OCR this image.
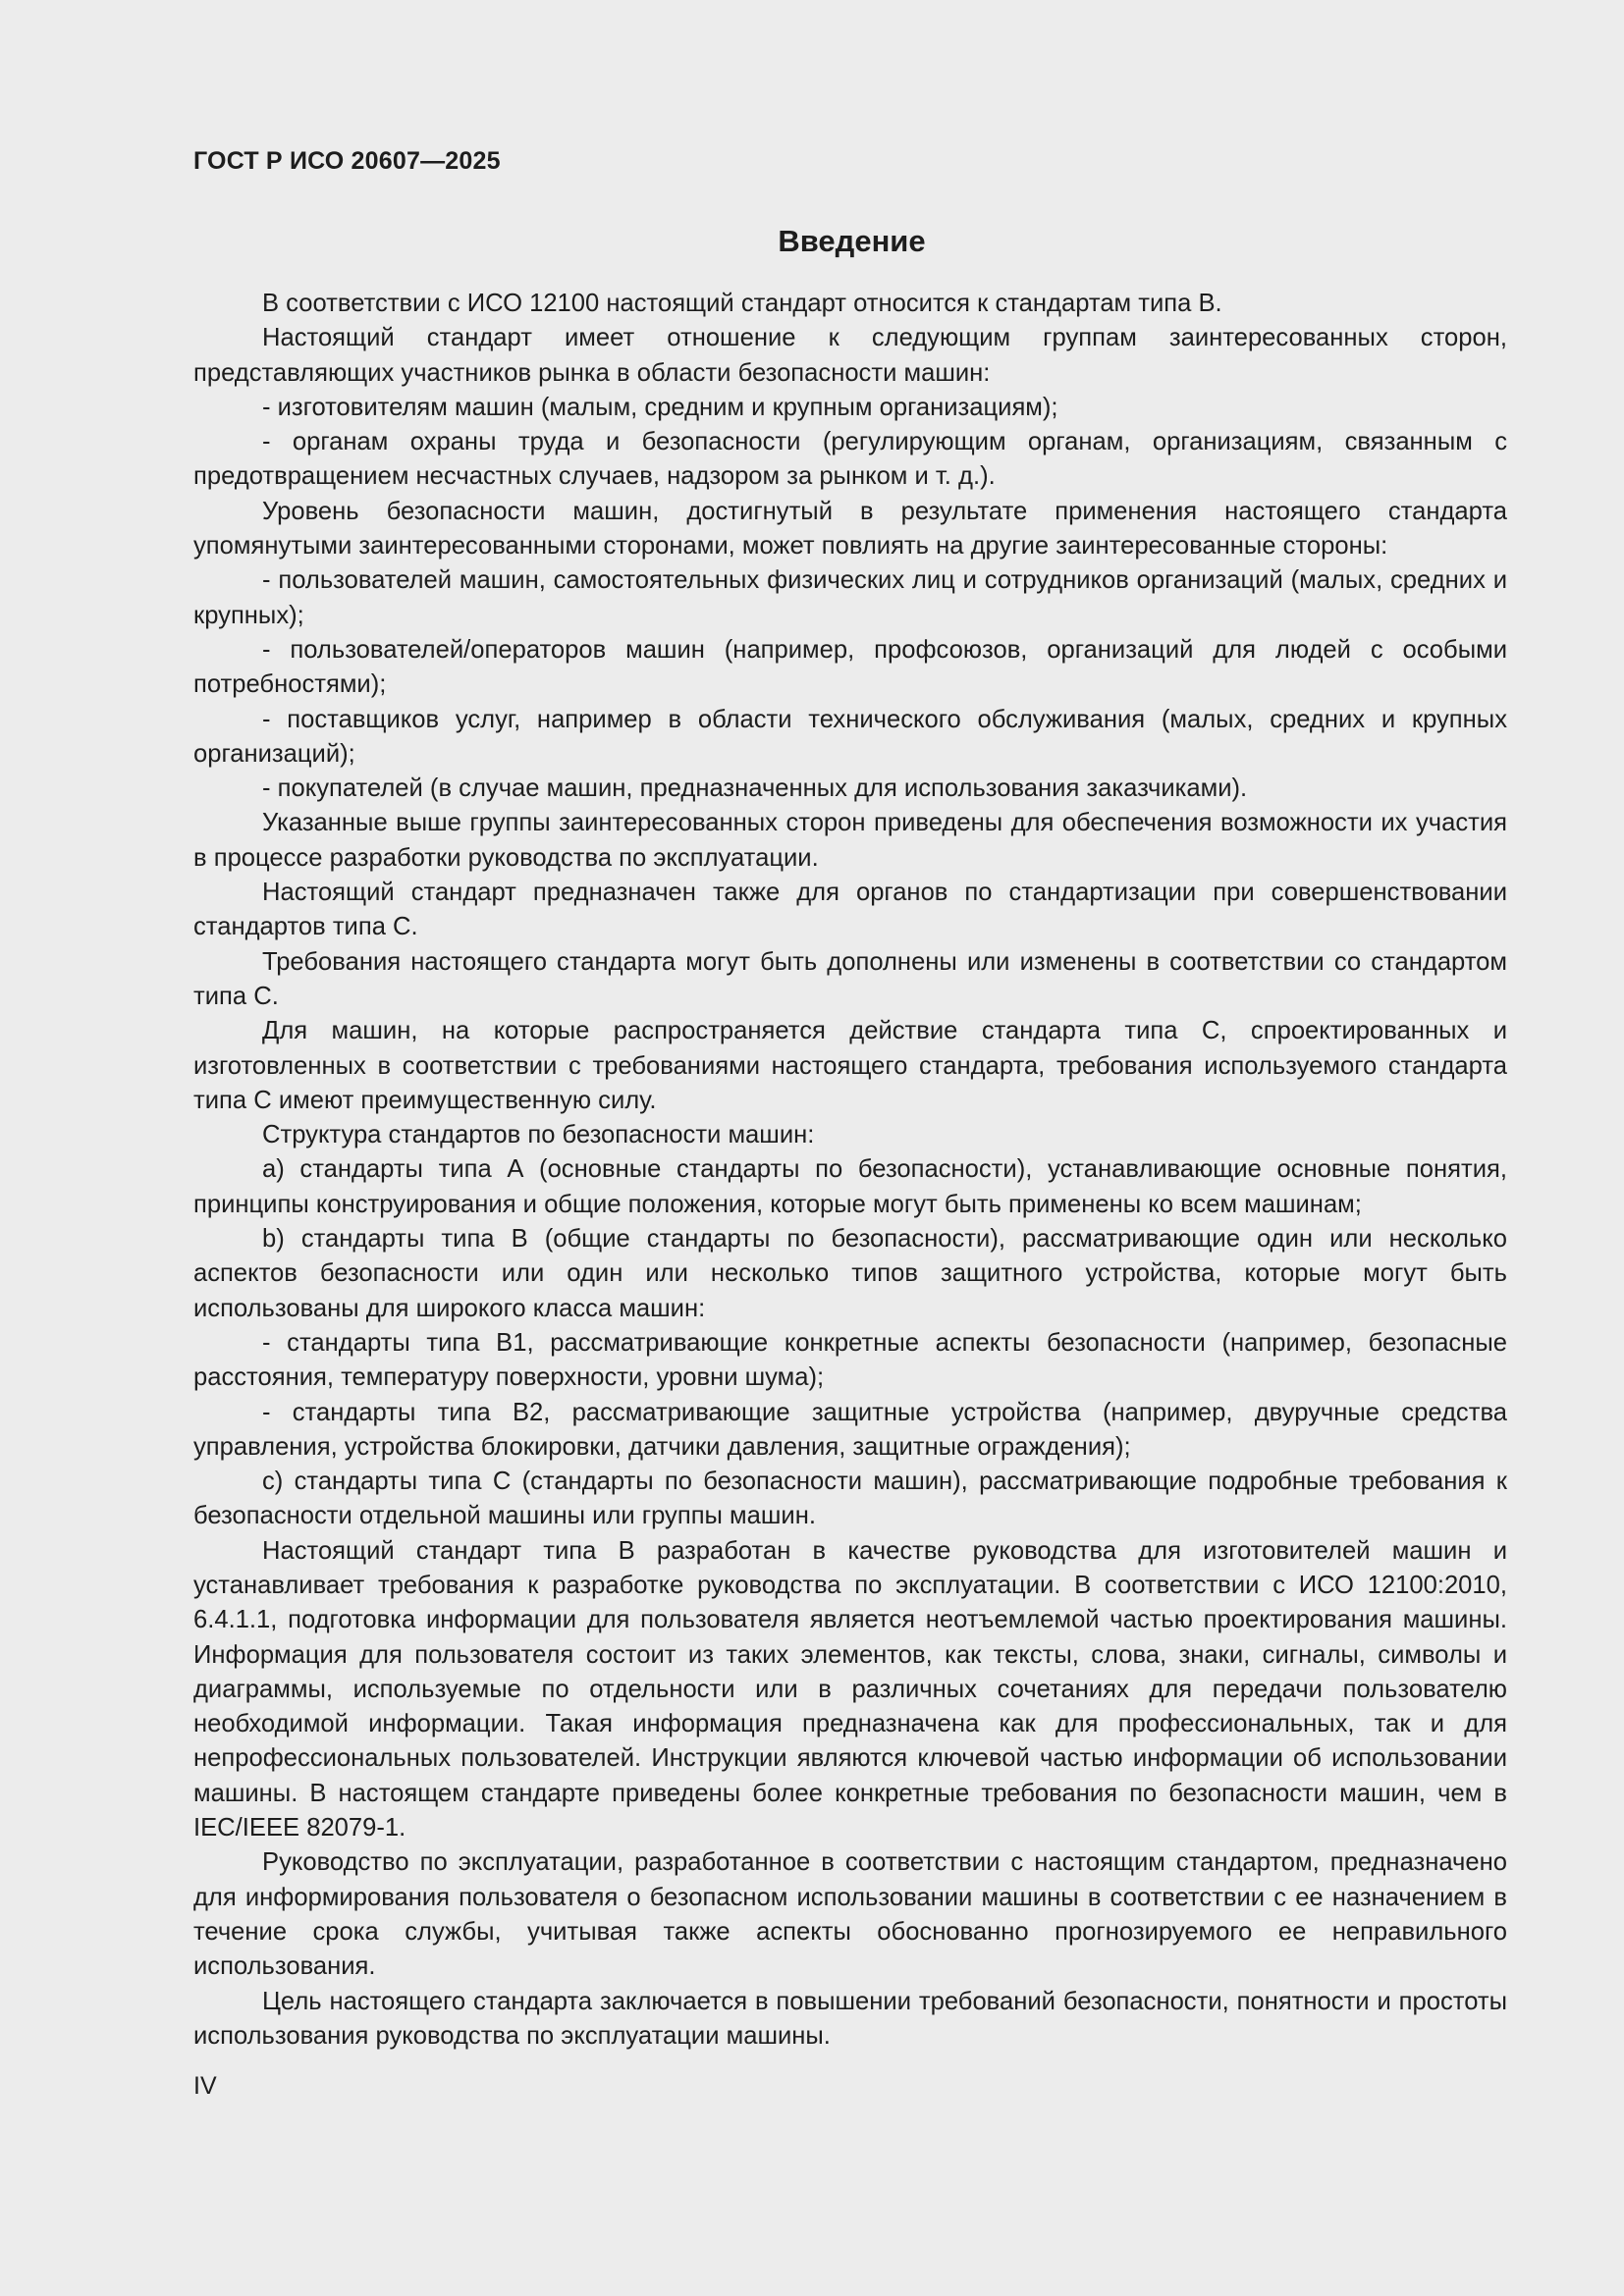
ГОСТ Р ИСО 20607—2025
Введение

В соответствии с ИСО 12100 настоящий стандарт относится к стандартам типа В.

Настоящий стандарт имеет отношение к следующим группам заинтересованных сторон, представляющих участников рынка в области безопасности машин:

- изготовителям машин (малым, средним и крупным организациям);

- органам охраны труда и безопасности (регулирующим органам, организациям, связанным с предотвращением несчастных случаев, надзором за рынком и т. д.).

Уровень безопасности машин, достигнутый в результате применения настоящего стандарта упомянутыми заинтересованными сторонами, может повлиять на другие заинтересованные стороны:

- пользователей машин, самостоятельных физических лиц и сотрудников организаций (малых, средних и крупных);

- пользователей/операторов машин (например, профсоюзов, организаций для людей с особыми потребностями);

- поставщиков услуг, например в области технического обслуживания (малых, средних и крупных организаций);

- покупателей (в случае машин, предназначенных для использования заказчиками).

Указанные выше группы заинтересованных сторон приведены для обеспечения возможности их участия в процессе разработки руководства по эксплуатации.

Настоящий стандарт предназначен также для органов по стандартизации при совершенствовании стандартов типа С.

Требования настоящего стандарта могут быть дополнены или изменены в соответствии со стандартом типа С.

Для машин, на которые распространяется действие стандарта типа С, спроектированных и изготовленных в соответствии с требованиями настоящего стандарта, требования используемого стандарта типа С имеют преимущественную силу.

Структура стандартов по безопасности машин:

a) стандарты типа А (основные стандарты по безопасности), устанавливающие основные понятия, принципы конструирования и общие положения, которые могут быть применены ко всем машинам;

b) стандарты типа В (общие стандарты по безопасности), рассматривающие один или несколько аспектов безопасности или один или несколько типов защитного устройства, которые могут быть использованы для широкого класса машин:

- стандарты типа В1, рассматривающие конкретные аспекты безопасности (например, безопасные расстояния, температуру поверхности, уровни шума);

- стандарты типа В2, рассматривающие защитные устройства (например, двуручные средства управления, устройства блокировки, датчики давления, защитные ограждения);

c) стандарты типа С (стандарты по безопасности машин), рассматривающие подробные требования к безопасности отдельной машины или группы машин.

Настоящий стандарт типа В разработан в качестве руководства для изготовителей машин и устанавливает требования к разработке руководства по эксплуатации. В соответствии с ИСО 12100:2010, 6.4.1.1, подготовка информации для пользователя является неотъемлемой частью проектирования машины. Информация для пользователя состоит из таких элементов, как тексты, слова, знаки, сигналы, символы и диаграммы, используемые по отдельности или в различных сочетаниях для передачи пользователю необходимой информации. Такая информация предназначена как для профессиональных, так и для непрофессиональных пользователей. Инструкции являются ключевой частью информации об использовании машины. В настоящем стандарте приведены более конкретные требования по безопасности машин, чем в IEC/IEEE 82079-1.

Руководство по эксплуатации, разработанное в соответствии с настоящим стандартом, предназначено для информирования пользователя о безопасном использовании машины в соответствии с ее назначением в течение срока службы, учитывая также аспекты обоснованно прогнозируемого ее неправильного использования.

Цель настоящего стандарта заключается в повышении требований безопасности, понятности и простоты использования руководства по эксплуатации машины.

IV
